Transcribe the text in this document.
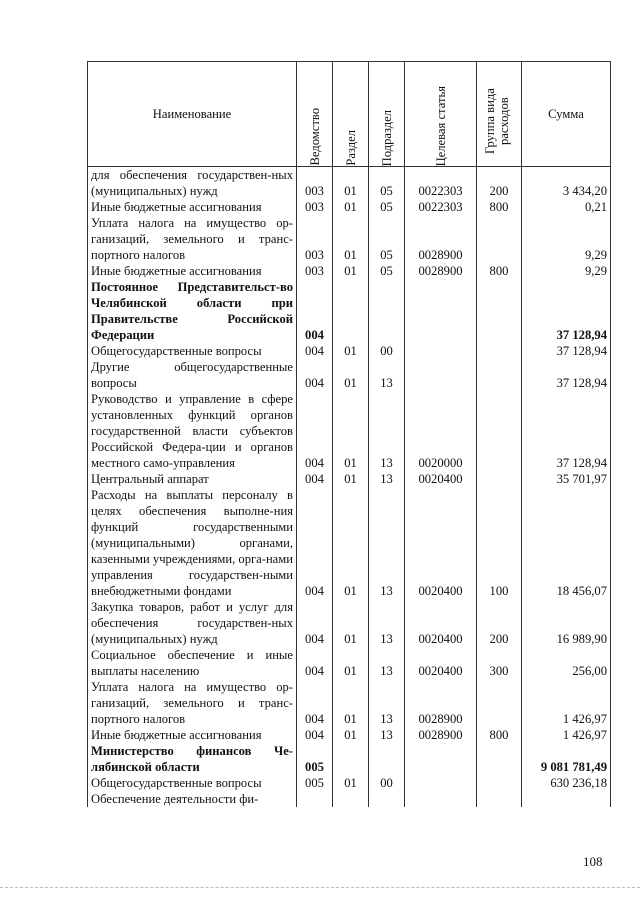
Наименование	Ведомство	Раздел	Подраздел	Целевая статья	Группа вида расходов	Сумма
для обеспечения государствен-ных (муниципальных) нужд	003	01	05	0022303	200	3 434,20
Иные бюджетные ассигнования	003	01	05	0022303	800	0,21
Уплата налога на имущество ор-ганизаций, земельного и транс-портного налогов	003	01	05	0028900		9,29
Иные бюджетные ассигнования	003	01	05	0028900	800	9,29
Постоянное Представительст-во Челябинской области при Правительстве Российской Федерации	004					37 128,94
Общегосударственные вопросы	004	01	00			37 128,94
Другие общегосударственные вопросы	004	01	13			37 128,94
Руководство и управление в сфере установленных функций органов государственной власти субъектов Российской Федера-ции и органов местного само-управления	004	01	13	0020000		37 128,94
Центральный аппарат	004	01	13	0020400		35 701,97
Расходы на выплаты персоналу в целях обеспечения выполне-ния функций государственными (муниципальными) органами, казенными учреждениями, орга-нами управления государствен-ными внебюджетными фондами	004	01	13	0020400	100	18 456,07
Закупка товаров, работ и услуг для обеспечения государствен-ных (муниципальных) нужд	004	01	13	0020400	200	16 989,90
Социальное обеспечение и иные выплаты населению	004	01	13	0020400	300	256,00
Уплата налога на имущество ор-ганизаций, земельного и транс-портного налогов	004	01	13	0028900		1 426,97
Иные бюджетные ассигнования	004	01	13	0028900	800	1 426,97
Министерство финансов Че-лябинской области	005					9 081 781,49
Общегосударственные вопросы	005	01	00			630 236,18
Обеспечение деятельности фи-						
108
